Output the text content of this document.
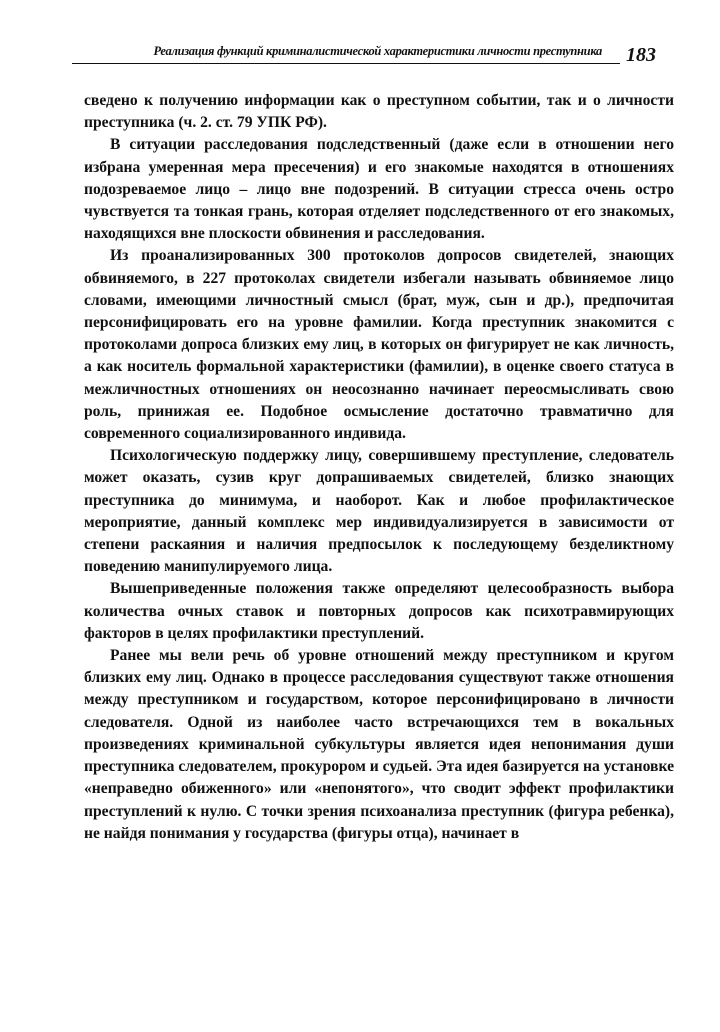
Реализация функций криминалистической характеристики личности преступника 183

сведено к получению информации как о преступном событии, так и о личности преступника (ч. 2. ст. 79 УПК РФ).

В ситуации расследования подследственный (даже если в отношении него избрана умеренная мера пресечения) и его знакомые находятся в отношениях подозреваемое лицо – лицо вне подозрений. В ситуации стресса очень остро чувствуется та тонкая грань, которая отделяет подследственного от его знакомых, находящихся вне плоскости обвинения и расследования.

Из проанализированных 300 протоколов допросов свидетелей, знающих обвиняемого, в 227 протоколах свидетели избегали называть обвиняемое лицо словами, имеющими личностный смысл (брат, муж, сын и др.), предпочитая персонифицировать его на уровне фамилии. Когда преступник знакомится с протоколами допроса близких ему лиц, в которых он фигурирует не как личность, а как носитель формальной характеристики (фамилии), в оценке своего статуса в межличностных отношениях он неосознанно начинает переосмысливать свою роль, принижая ее. Подобное осмысление достаточно травматично для современного социализированного индивида.

Психологическую поддержку лицу, совершившему преступление, следователь может оказать, сузив круг допрашиваемых свидетелей, близко знающих преступника до минимума, и наоборот. Как и любое профилактическое мероприятие, данный комплекс мер индивидуализируется в зависимости от степени раскаяния и наличия предпосылок к последующему безделиктному поведению манипулируемого лица.

Вышеприведенные положения также определяют целесообразность выбора количества очных ставок и повторных допросов как психотравмирующих факторов в целях профилактики преступлений.

Ранее мы вели речь об уровне отношений между преступником и кругом близких ему лиц. Однако в процессе расследования существуют также отношения между преступником и государством, которое персонифицировано в личности следователя. Одной из наиболее часто встречающихся тем в вокальных произведениях криминальной субкультуры является идея непонимания души преступника следователем, прокурором и судьей. Эта идея базируется на установке «неправедно обиженного» или «непонятого», что сводит эффект профилактики преступлений к нулю. С точки зрения психоанализа преступник (фигура ребенка), не найдя понимания у государства (фигуры отца), начинает в
